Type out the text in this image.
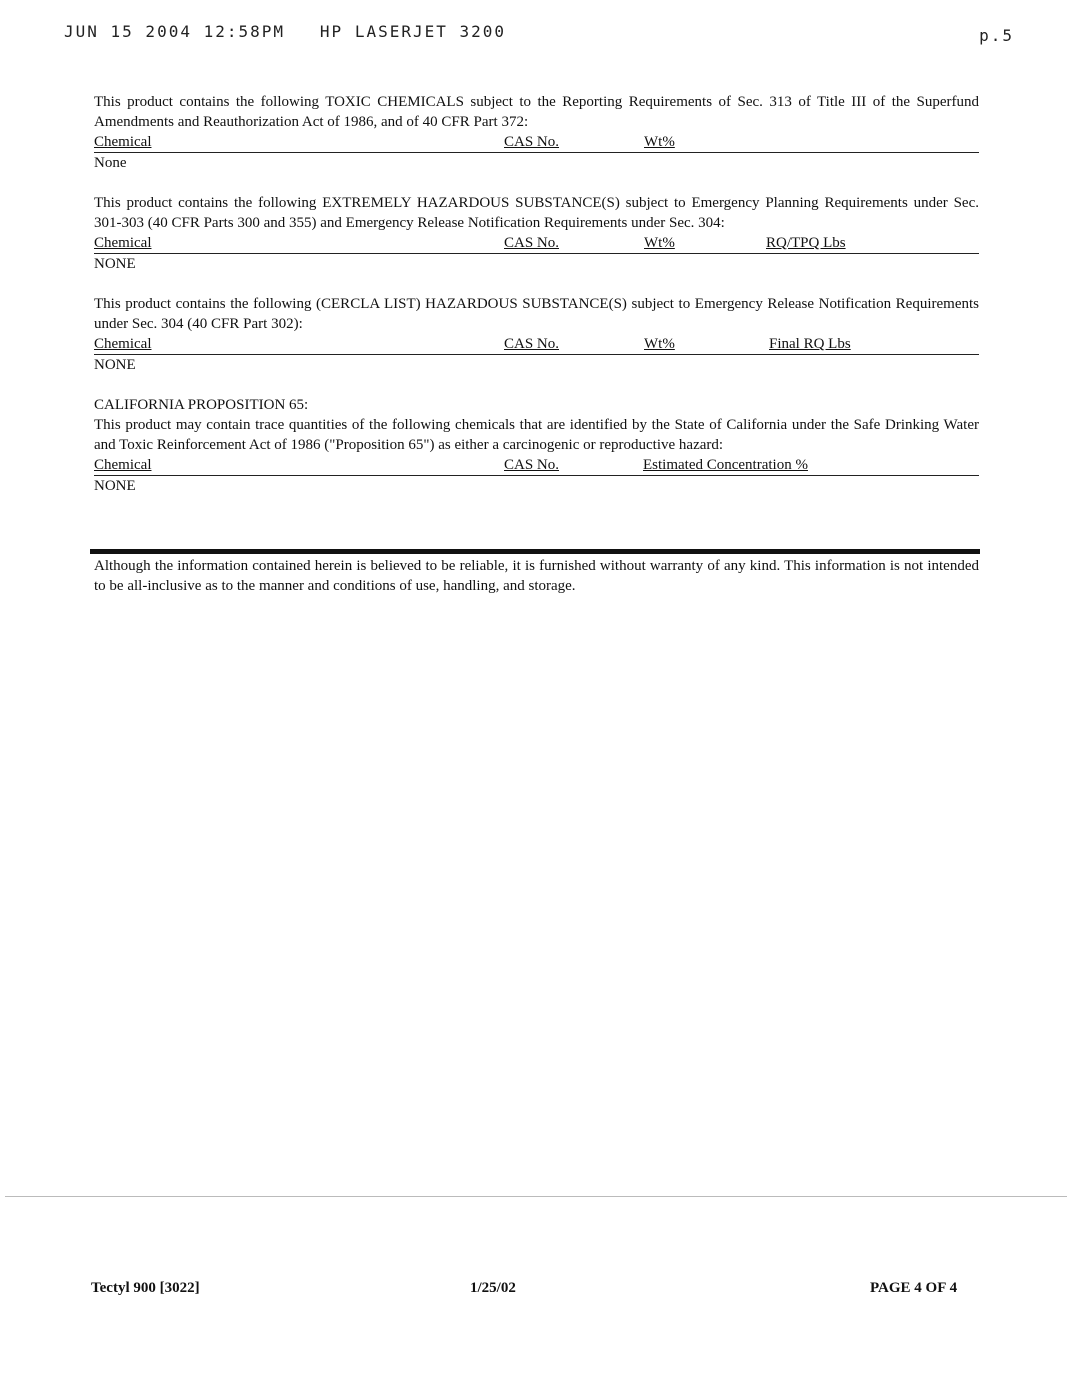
JUN 15 2004 12:58PM   HP LASERJET 3200	p.5
This product contains the following TOXIC CHEMICALS subject to the Reporting Requirements of Sec. 313 of Title III of the Superfund Amendments and Reauthorization Act of 1986, and of 40 CFR Part 372:
Chemical	CAS No.	Wt%
None
This product contains the following EXTREMELY HAZARDOUS SUBSTANCE(S) subject to Emergency Planning Requirements under Sec. 301-303 (40 CFR Parts 300 and 355) and Emergency Release Notification Requirements under Sec. 304:
Chemical	CAS No.	Wt%	RQ/TPQ Lbs
NONE
This product contains the following (CERCLA LIST) HAZARDOUS SUBSTANCE(S) subject to Emergency Release Notification Requirements under Sec. 304 (40 CFR Part 302):
Chemical	CAS No.	Wt%	Final RQ Lbs
NONE
CALIFORNIA PROPOSITION 65:
This product may contain trace quantities of the following chemicals that are identified by the State of California under the Safe Drinking Water and Toxic Reinforcement Act of 1986 ("Proposition 65") as either a carcinogenic or reproductive hazard:
Chemical	CAS No.	Estimated Concentration %
NONE
Although the information contained herein is believed to be reliable, it is furnished without warranty of any kind. This information is not intended to be all-inclusive as to the manner and conditions of use, handling, and storage.
Tectyl 900 [3022]	1/25/02	PAGE 4 OF 4
